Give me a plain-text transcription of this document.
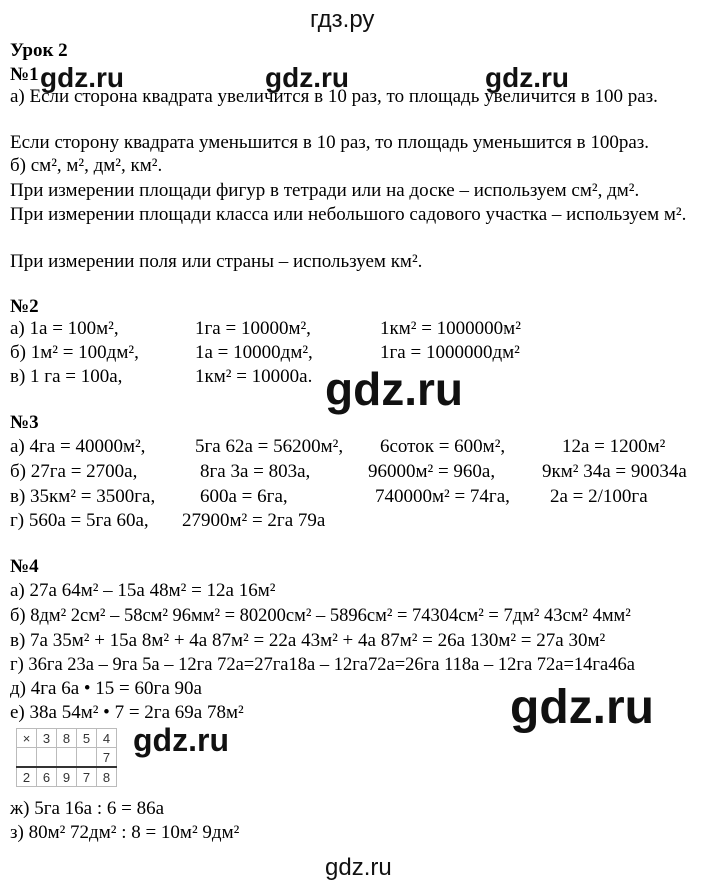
гдз.ру
gdz.ru	gdz.ru	gdz.ru
gdz.ru
gdz.ru
gdz.ru
gdz.ru
Урок 2
№1
а) Если сторона квадрата увеличится в 10 раз, то площадь увеличится в 100 раз.
Если сторону квадрата уменьшится в 10 раз, то площадь уменьшится в 100раз.
б) см², м², дм², км².
При измерении площади фигур в тетради или на доске – используем см², дм².
При измерении площади класса или небольшого садового участка – используем м².
При измерении поля или страны – используем км².
№2
а) 1а = 100м²,	1га = 10000м²,	1км² = 1000000м²
б) 1м² = 100дм²,	1а = 10000дм²,	1га = 1000000дм²
в) 1 га = 100а,	1км² = 10000а.
№3
а) 4га = 40000м²,	5га 62а = 56200м², 6соток = 600м²,	12а = 1200м²
б) 27га = 2700а,	8га 3а = 803а,	96000м² = 960а, 9км² 34а = 90034а
в) 35км² = 3500га, 600а = 6га,	740000м² = 74га, 2а = 2/100га
г) 560а = 5га 60а, 27900м² = 2га 79а
№4
а) 27а 64м² – 15а 48м² = 12а 16м²
б) 8дм² 2см² – 58см² 96мм² = 80200см² – 5896см² = 74304см² = 7дм² 43см² 4мм²
в) 7а 35м² + 15а 8м² + 4а 87м² = 22а 43м² + 4а 87м² = 26а 130м² = 27а 30м²
г) 36га 23а – 9га 5а – 12га 72а=27га18а – 12га72а=26га 118а – 12га 72а=14га46а
д) 4га 6а • 15 = 60га 90а
е) 38а 54м² • 7 = 2га 69а 78м²
×	3	8	5	4
				7
2	6	9	7	8
ж) 5га 16а : 6 = 86а
з) 80м² 72дм² : 8 = 10м² 9дм²
